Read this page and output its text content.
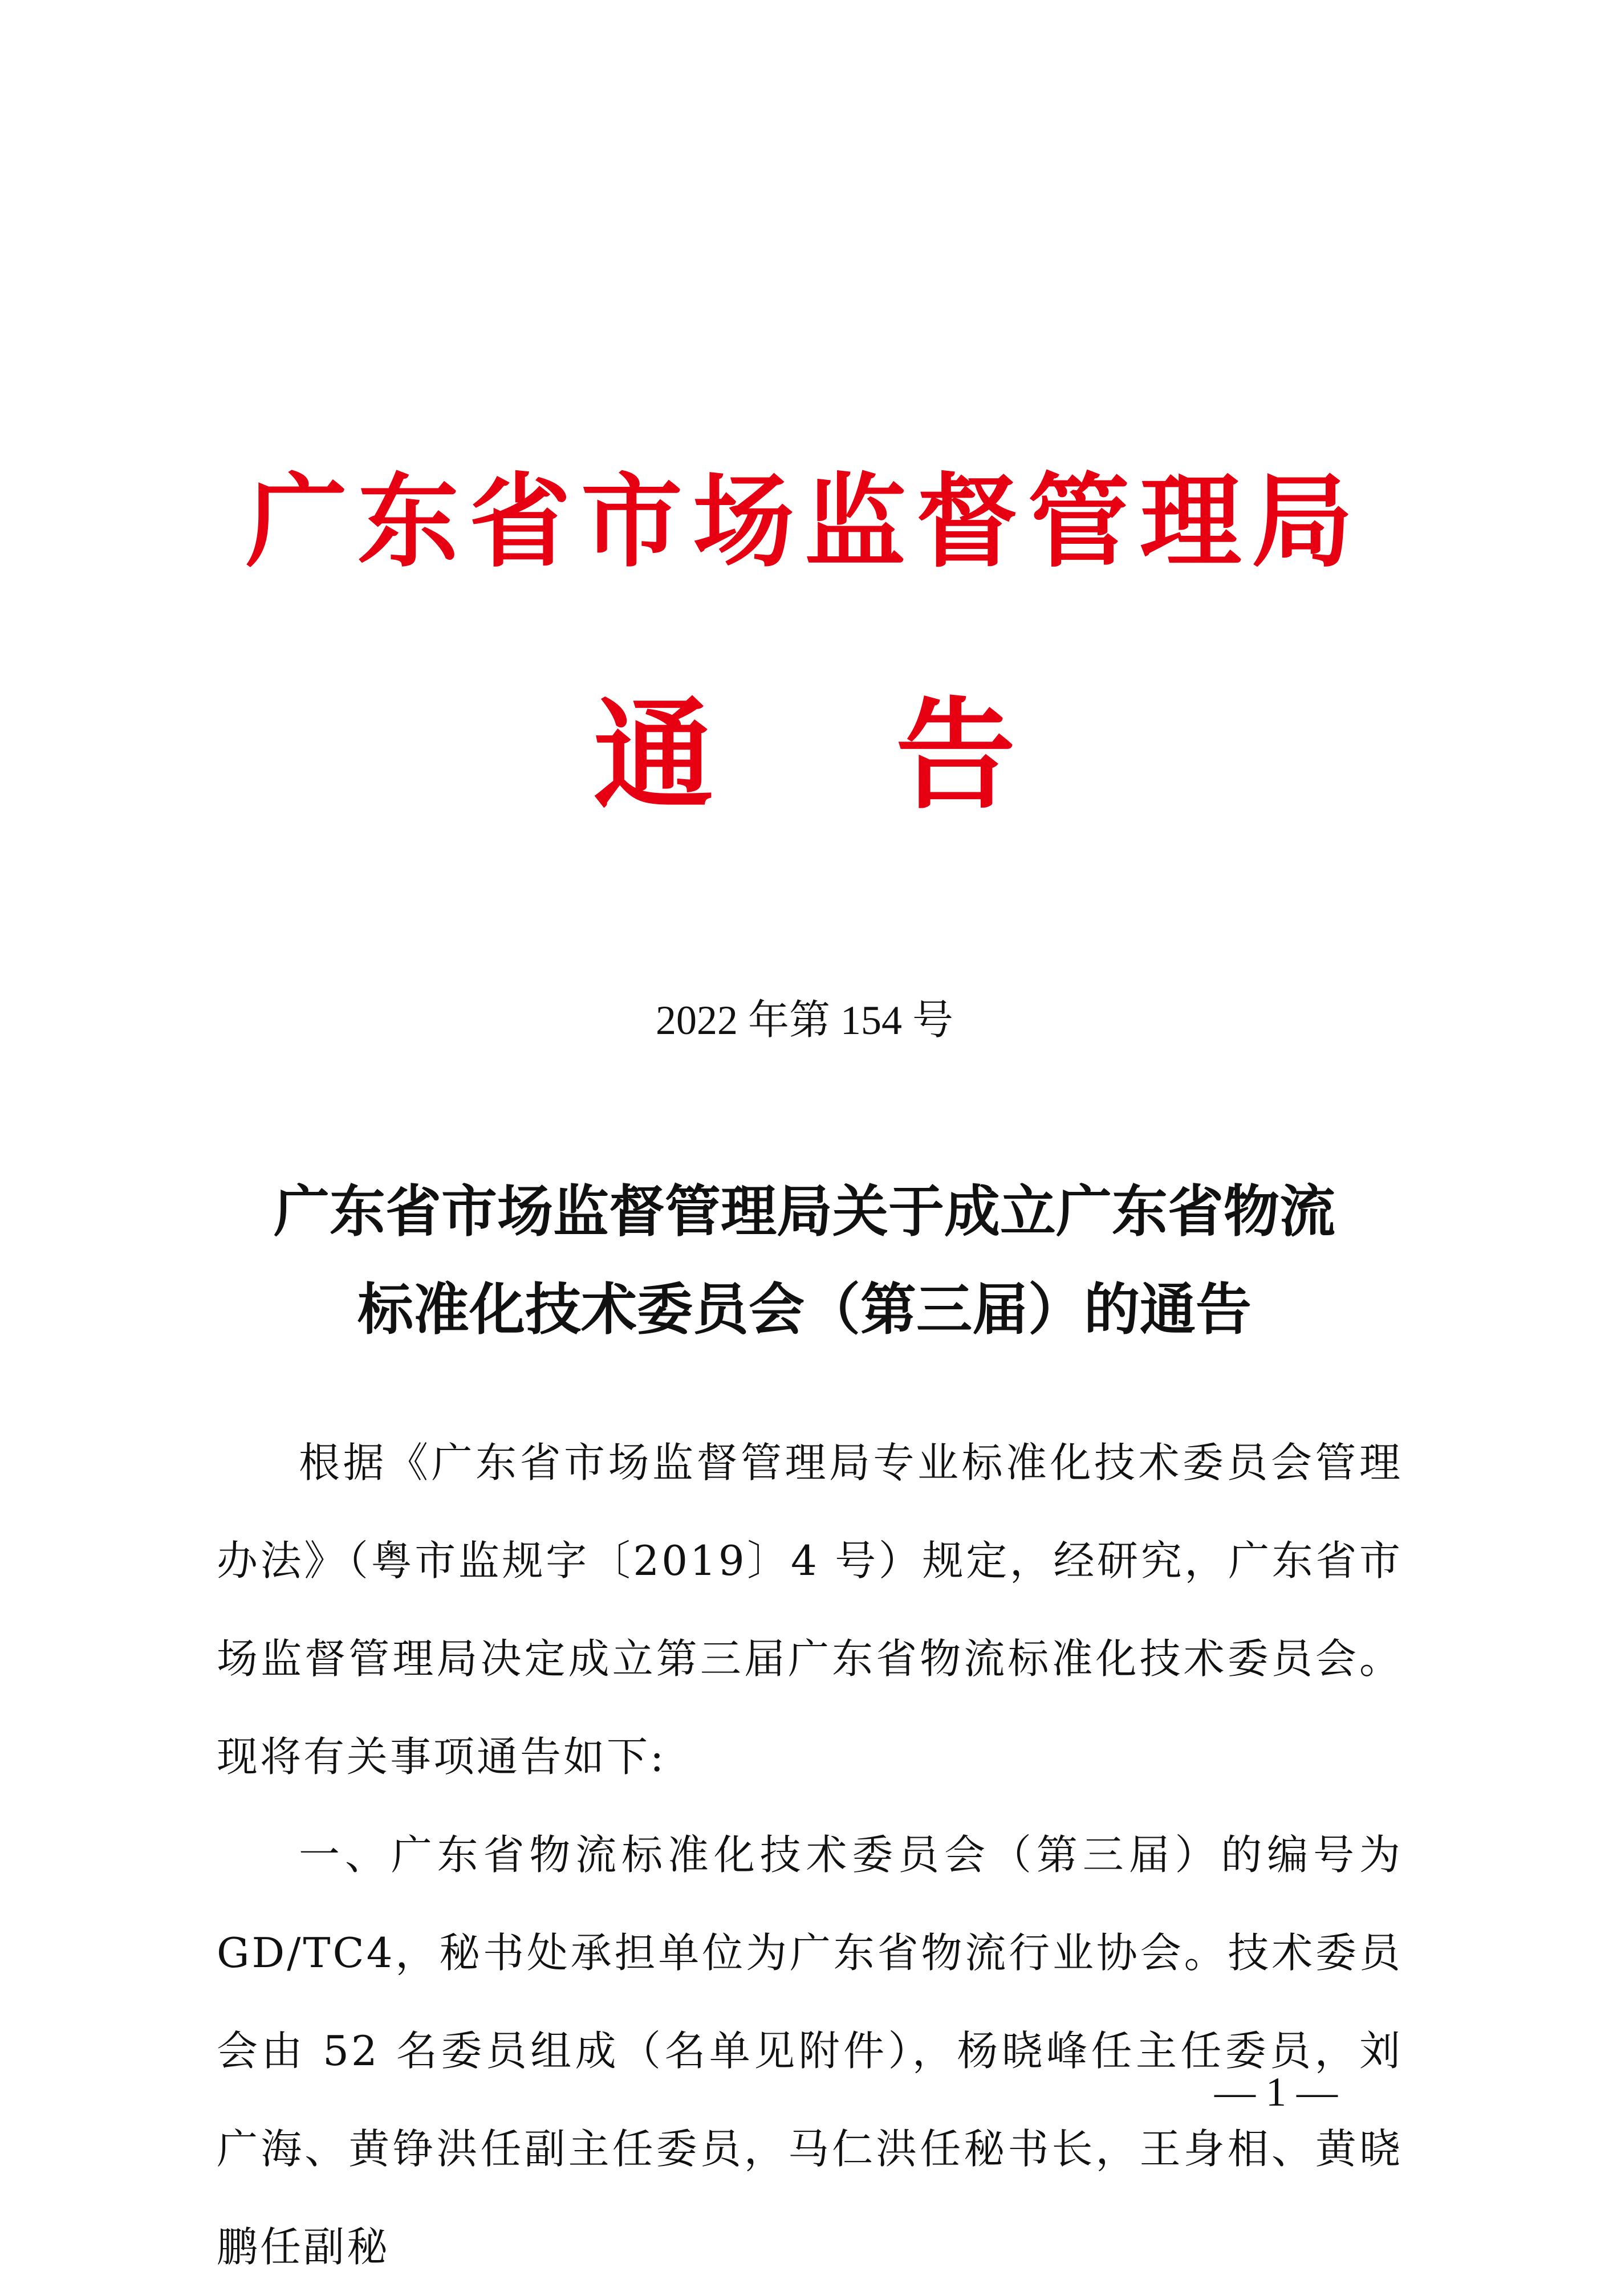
广东省市场监督管理局
通告
2022 年第 154 号
广东省市场监督管理局关于成立广东省物流
标准化技术委员会（第三届）的通告

根据《广东省市场监督管理局专业标准化技术委员会管理办法》（粤市监规字〔2019〕4 号）规定，经研究，广东省市场监督管理局决定成立第三届广东省物流标准化技术委员会。现将有关事项通告如下:

一、广东省物流标准化技术委员会（第三届）的编号为GD/TC4，秘书处承担单位为广东省物流行业协会。技术委员会由 52 名委员组成（名单见附件），杨晓峰任主任委员，刘广海、黄铮洪任副主任委员，马仁洪任秘书长，王身相、黄晓鹏任副秘

— 1 —
